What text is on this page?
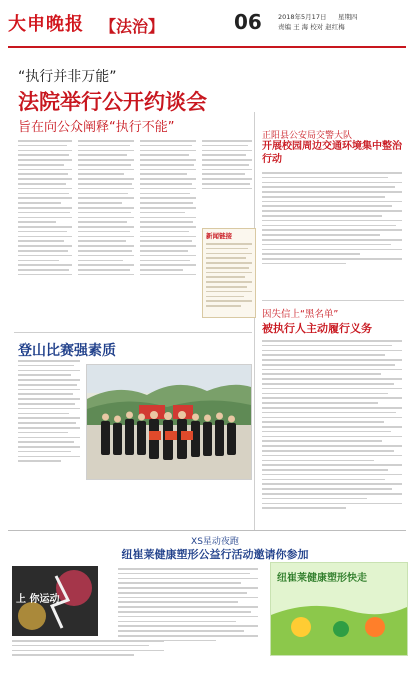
大申晚报	【法治】	06 2018年5月17日 星期四
责编 王 海 校对 赵红梅
“执行并非万能”
法院举行公开约谈会
旨在向公众阐释“执行不能”
新闻链接
正阳县公安局交警大队
开展校园周边交通环境集中整治行动
因失信上“黑名单”
被执行人主动履行义务
登山比赛强素质
XS星动夜跑
纽崔莱健康塑形公益行活动邀请你参加
上 你运动
纽崔莱健康塑形快走
